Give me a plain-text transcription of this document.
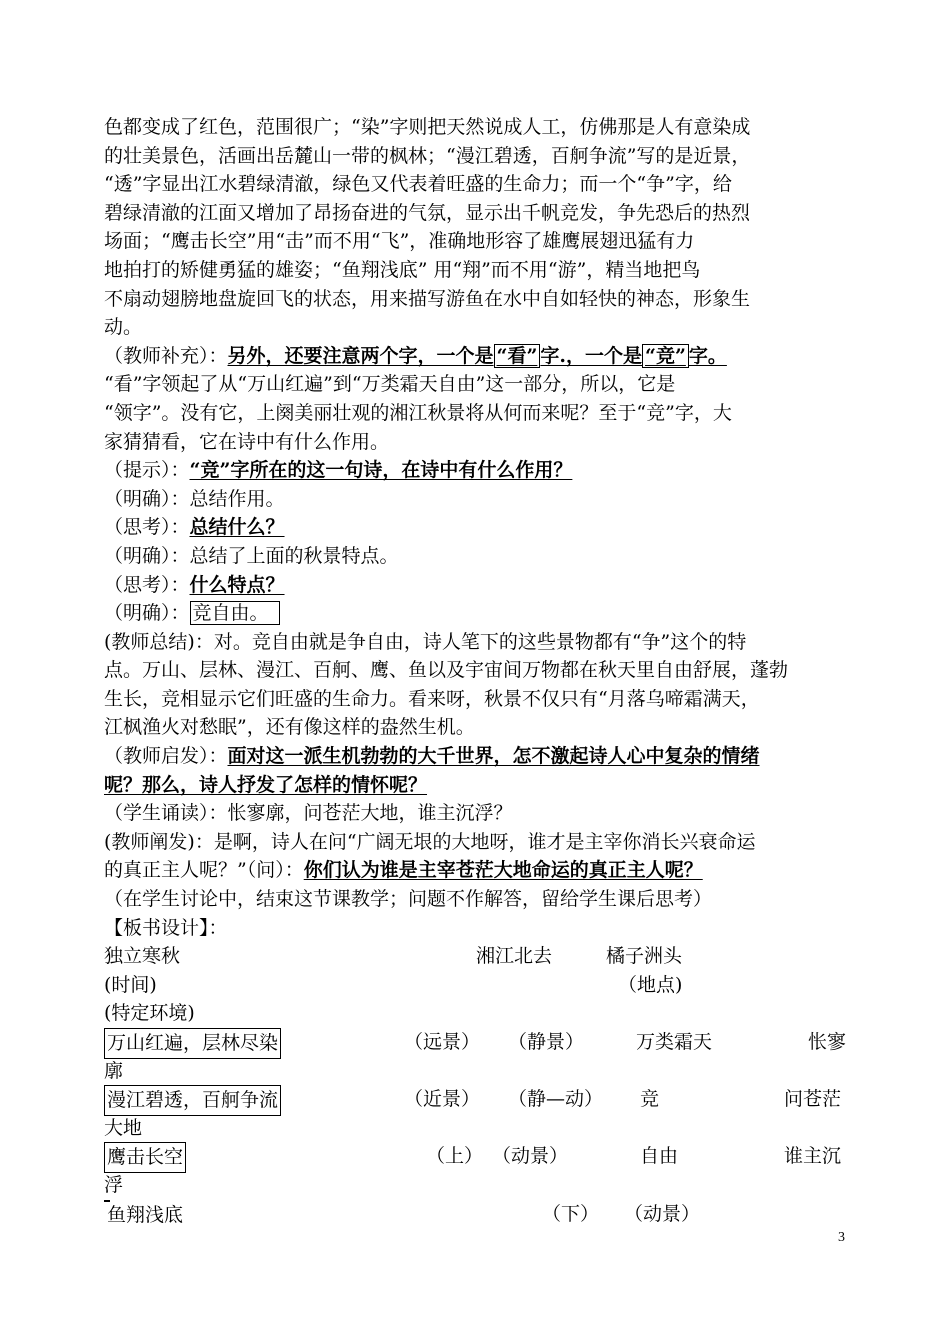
色都变成了红色，范围很广；“染”字则把天然说成人工，仿佛那是人有意染成
的壮美景色，活画出岳麓山一带的枫林；“漫江碧透，百舸争流”写的是近景，
“透”字显出江水碧绿清澈，绿色又代表着旺盛的生命力；而一个“争”字，给
碧绿清澈的江面又增加了昂扬奋进的气氛，显示出千帆竞发，争先恐后的热烈
场面；“鹰击长空”用“击”而不用“飞”，准确地形容了雄鹰展翅迅猛有力
地拍打的矫健勇猛的雄姿；“鱼翔浅底” 用“翔”而不用“游”，精当地把鸟
不扇动翅膀地盘旋回飞的状态，用来描写游鱼在水中自如轻快的神态，形象生
动。
（教师补充）：另外，还要注意两个字，一个是 “看” 字.，一个是 “竞” 字。
“看”字领起了从“万山红遍”到“万类霜天自由”这一部分，所以，它是
“领字”。没有它，上阕美丽壮观的湘江秋景将从何而来呢？至于“竞”字，大
家猜猜看，它在诗中有什么作用。
（提示）：“竞”字所在的这一句诗，在诗中有什么作用？
（明确）：总结作用。
（思考）：总结什么？
（明确）：总结了上面的秋景特点。
（思考）：什么特点？
（明确）： 竞自由。
(教师总结)：对。竞自由就是争自由，诗人笔下的这些景物都有“争”这个的特
点。万山、层林、漫江、百舸、鹰、鱼以及宇宙间万物都在秋天里自由舒展，蓬勃
生长，竞相显示它们旺盛的生命力。看来呀，秋景不仅只有“月落乌啼霜满天，
江枫渔火对愁眠”，还有像这样的盎然生机。
（教师启发）：面对这一派生机勃勃的大千世界，怎不激起诗人心中复杂的情绪
呢？那么，诗人抒发了怎样的情怀呢？
（学生诵读）：怅寥廓，问苍茫大地，谁主沉浮？
(教师阐发)：是啊，诗人在问“广阔无垠的大地呀，谁才是主宰你消长兴衰命运
的真正主人呢？”（问）：你们认为谁是主宰苍茫大地命运的真正主人呢？
（在学生讨论中，结束这节课教学；问题不作解答，留给学生课后思考）
【板书设计】：
独立寒秋	湘江北去	橘子洲头
(时间)	（地点)
(特定环境)
万山红遍，层林尽染	（远景） （静景）	万类霜天	怅寥
廓
漫江碧透，百舸争流	（近景） （静—动） 竞	问苍茫
大地
鹰击长空	（上） （动景）	自由	谁主沉
浮
鱼翔浅底	（下） （动景）
3
